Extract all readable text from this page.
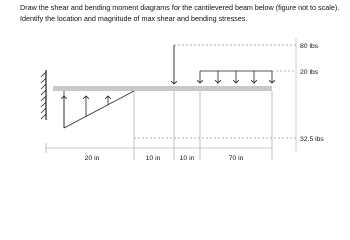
Draw the shear and bending moment diagrams for the cantilevered beam below (figure not to scale). Identify the location and magnitude of max shear and bending stresses.

80 lbs
20 lbs
32.5 lbs
20 in	10 in	10 in	70 in
